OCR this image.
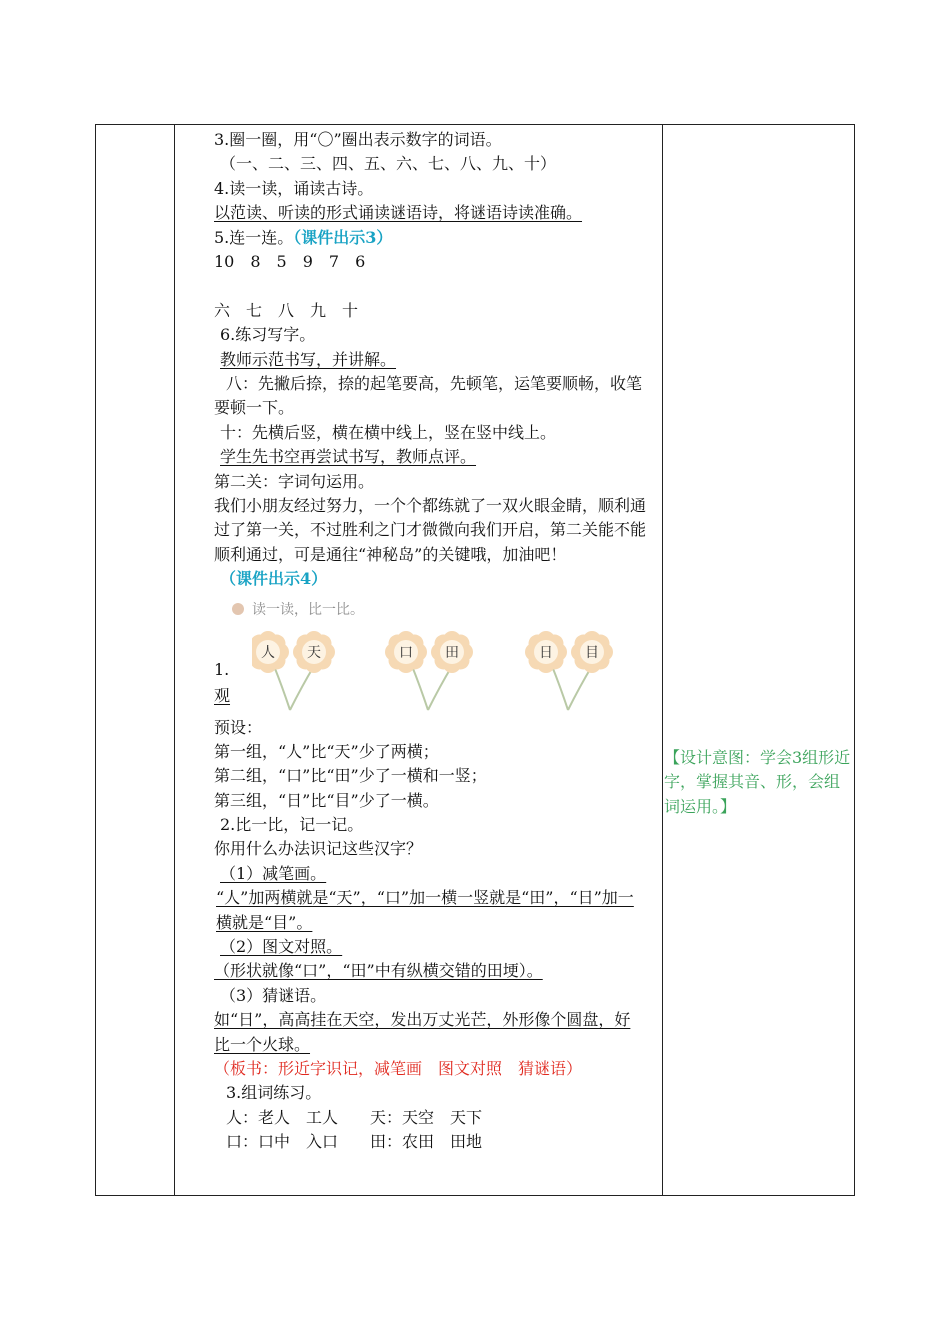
3.圈一圈，用“〇”圈出表示数字的词语。
（一、二、三、四、五、六、七、八、九、十）
4.读一读，诵读古诗。
以范读、听读的形式诵读谜语诗，将谜语诗读准确。
5.连一连。（课件出示3）
10　8　5　9　7　6
六　七　八　九　十
6.练习写字。
教师示范书写，并讲解。
八：先撇后捺，捺的起笔要高，先顿笔，运笔要顺畅，收笔要顿一下。
十：先横后竖，横在横中线上，竖在竖中线上。
学生先书空再尝试书写，教师点评。
第二关：字词句运用。
我们小朋友经过努力，一个个都练就了一双火眼金睛，顺利通过了第一关，不过胜利之门才微微向我们开启，第二关能不能顺利通过，可是通往“神秘岛”的关键哦，加油吧！
（课件出示4）
读一读，比一比。
人 天	口 田	日 目
1.
观
预设：
第一组，“人”比“天”少了两横；
第二组，“口”比“田”少了一横和一竖；
第三组，“日”比“目”少了一横。
2.比一比，记一记。
你用什么办法识记这些汉字？
（1）减笔画。
“人”加两横就是“天”，“口”加一横一竖就是“田”，“日”加一横就是“目”。
（2）图文对照。
（形状就像“口”，“田”中有纵横交错的田埂）。
（3）猜谜语。
如“日”，高高挂在天空，发出万丈光芒，外形像个圆盘，好比一个火球。
（板书：形近字识记，减笔画　图文对照　猜谜语）
3.组词练习。
人：老人　工人　　天：天空　天下
口：口中　入口　　田：农田　田地
【设计意图：学会3组形近字，掌握其音、形，会组词运用。】
